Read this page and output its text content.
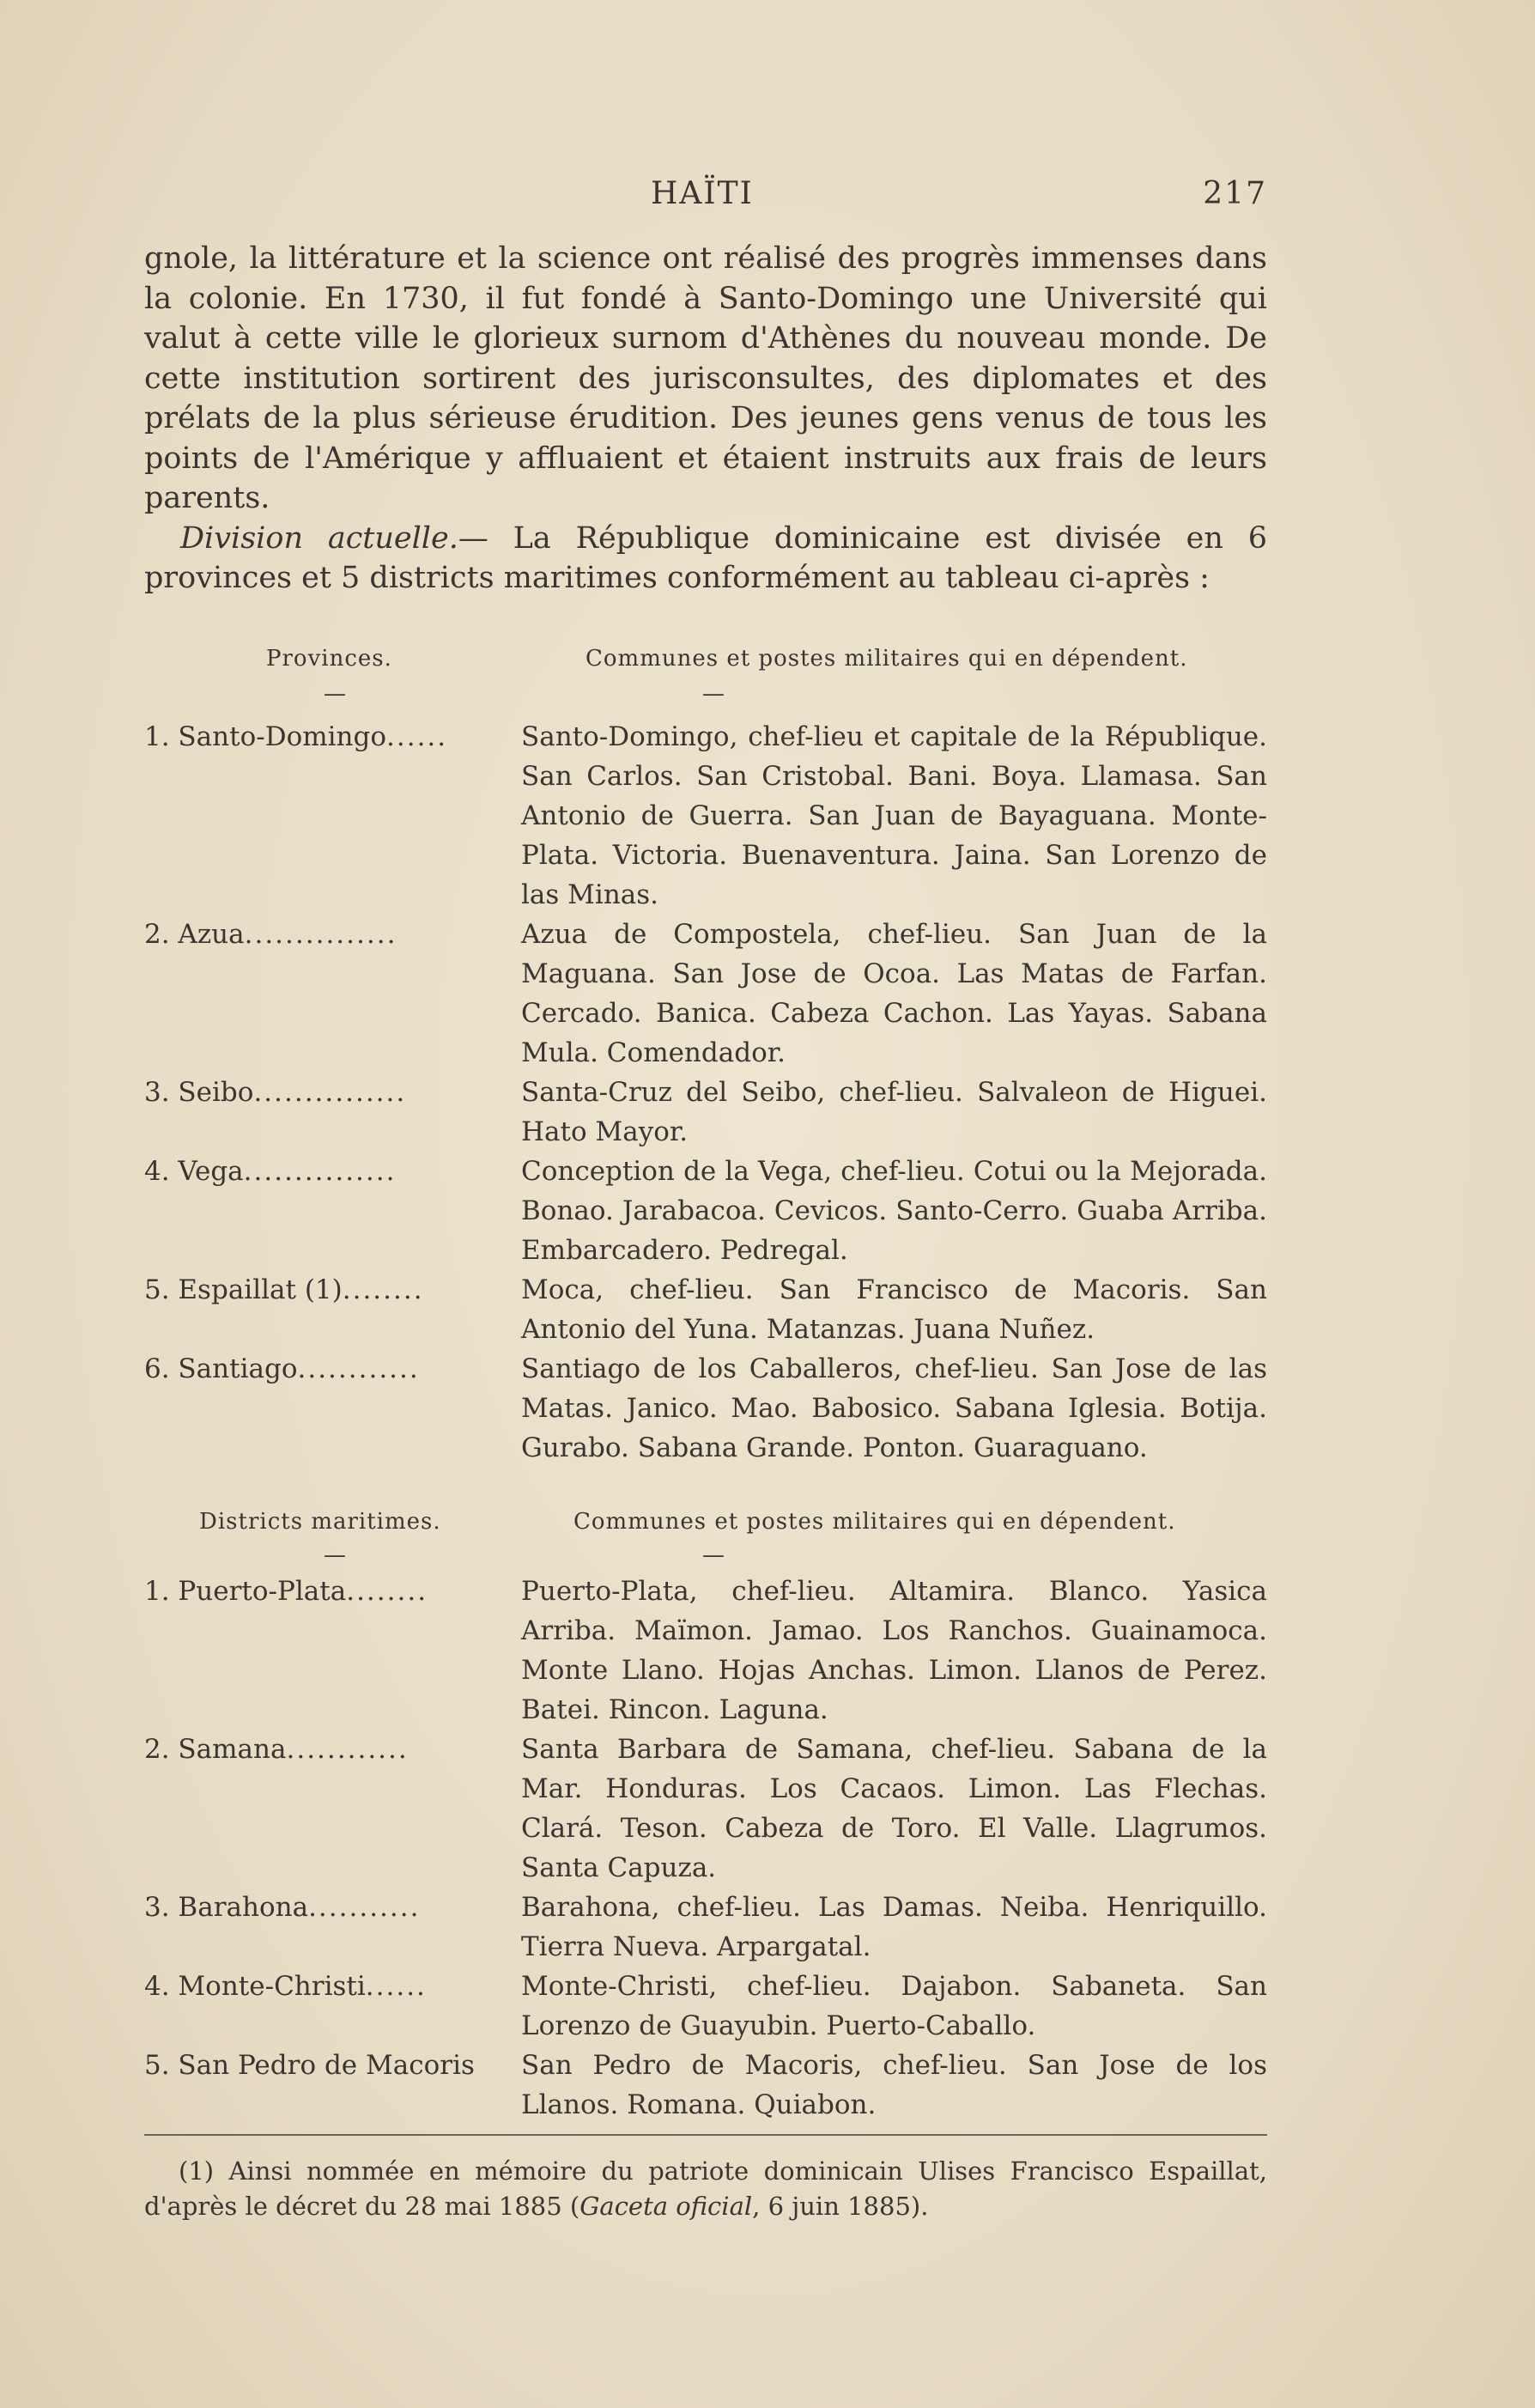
HAÏTI	217

gnole, la littérature et la science ont réalisé des progrès immenses dans la colonie. En 1730, il fut fondé à Santo-Domingo une Université qui valut à cette ville le glorieux surnom d'Athènes du nouveau monde. De cette institution sortirent des jurisconsultes, des diplomates et des prélats de la plus sérieuse érudition. Des jeunes gens venus de tous les points de l'Amérique y affluaient et étaient instruits aux frais de leurs parents.

Division actuelle.— La République dominicaine est divisée en 6 provinces et 5 districts maritimes conformément au tableau ci-après :

Provinces.	Communes et postes militaires qui en dépendent.
—	—
1. Santo-Domingo......	Santo-Domingo, chef-lieu et capitale de la République. San Carlos. San Cristobal. Bani. Boya. Llamasa. San Antonio de Guerra. San Juan de Bayaguana. Monte-Plata. Victoria. Buenaventura. Jaina. San Lorenzo de las Minas.
2. Azua...............	Azua de Compostela, chef-lieu. San Juan de la Maguana. San Jose de Ocoa. Las Matas de Farfan. Cercado. Banica. Cabeza Cachon. Las Yayas. Sabana Mula. Comendador.
3. Seibo...............	Santa-Cruz del Seibo, chef-lieu. Salvaleon de Higuei. Hato Mayor.
4. Vega...............	Conception de la Vega, chef-lieu. Cotui ou la Mejorada. Bonao. Jarabacoa. Cevicos. Santo-Cerro. Guaba Arriba. Embarcadero. Pedregal.
5. Espaillat (1)........	Moca, chef-lieu. San Francisco de Macoris. San Antonio del Yuna. Matanzas. Juana Nuñez.
6. Santiago............	Santiago de los Caballeros, chef-lieu. San Jose de las Matas. Janico. Mao. Babosico. Sabana Iglesia. Botija. Gurabo. Sabana Grande. Ponton. Guaraguano.
Districts maritimes.	Communes et postes militaires qui en dépendent.
—	—
1. Puerto-Plata........	Puerto-Plata, chef-lieu. Altamira. Blanco. Yasica Arriba. Maïmon. Jamao. Los Ranchos. Guainamoca. Monte Llano. Hojas Anchas. Limon. Llanos de Perez. Batei. Rincon. Laguna.
2. Samana............	Santa Barbara de Samana, chef-lieu. Sabana de la Mar. Honduras. Los Cacaos. Limon. Las Flechas. Clará. Teson. Cabeza de Toro. El Valle. Llagrumos. Santa Capuza.
3. Barahona...........	Barahona, chef-lieu. Las Damas. Neiba. Henriquillo. Tierra Nueva. Arpargatal.
4. Monte-Christi......	Monte-Christi, chef-lieu. Dajabon. Sabaneta. San Lorenzo de Guayubin. Puerto-Caballo.
5. San Pedro de Macoris	San Pedro de Macoris, chef-lieu. San Jose de los Llanos. Romana. Quiabon.

(1) Ainsi nommée en mémoire du patriote dominicain Ulises Francisco Espaillat, d'après le décret du 28 mai 1885 (Gaceta oficial, 6 juin 1885).
